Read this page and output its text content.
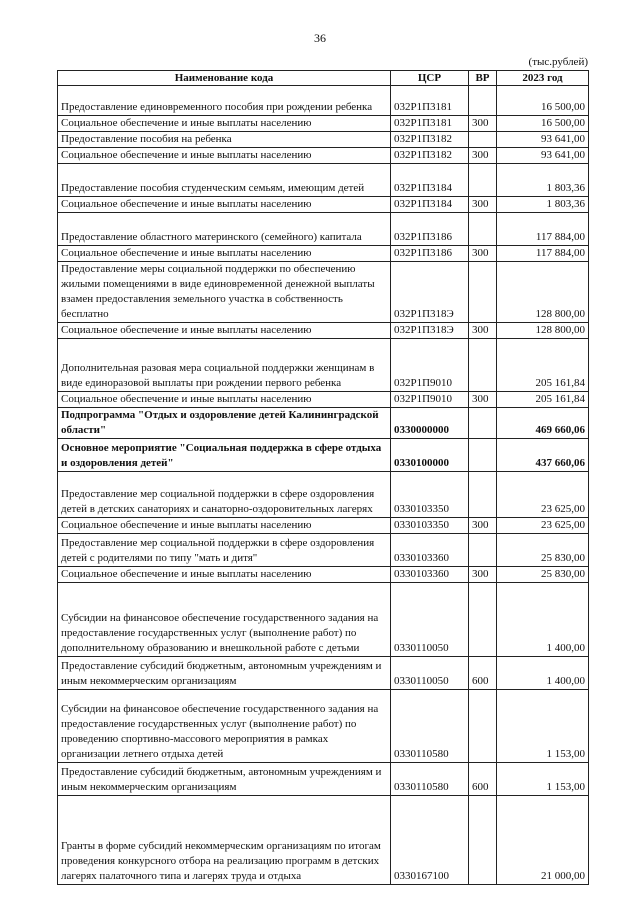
36
(тыс.рублей)
Наименование кода	ЦСР	ВР	2023 год
Предоставление единовременного пособия при рождении ребенка	032Р1П3181		16 500,00
Социальное обеспечение и иные выплаты населению	032Р1П3181	300	16 500,00
Предоставление пособия на ребенка	032Р1П3182		93 641,00
Социальное обеспечение и иные выплаты населению	032Р1П3182	300	93 641,00
Предоставление пособия студенческим семьям, имеющим детей	032Р1П3184		1 803,36
Социальное обеспечение и иные выплаты населению	032Р1П3184	300	1 803,36
Предоставление областного материнского (семейного) капитала	032Р1П3186		117 884,00
Социальное обеспечение и иные выплаты населению	032Р1П3186	300	117 884,00
Предоставление меры социальной поддержки по обеспечению жилыми помещениями в виде единовременной денежной выплаты взамен предоставления земельного участка в собственность бесплатно	032Р1П318Э		128 800,00
Социальное обеспечение и иные выплаты населению	032Р1П318Э	300	128 800,00
Дополнительная разовая мера социальной поддержки женщинам в виде единоразовой выплаты при рождении первого ребенка	032Р1П9010		205 161,84
Социальное обеспечение и иные выплаты населению	032Р1П9010	300	205 161,84
Подпрограмма "Отдых и оздоровление детей Калининградской области"	0330000000		469 660,06
Основное мероприятие "Социальная поддержка в сфере отдыха и оздоровления детей"	0330100000		437 660,06
Предоставление мер социальной поддержки в сфере оздоровления детей в детских санаториях и санаторно-оздоровительных лагерях	0330103350		23 625,00
Социальное обеспечение и иные выплаты населению	0330103350	300	23 625,00
Предоставление мер социальной поддержки в сфере оздоровления детей с родителями по типу "мать и дитя"	0330103360		25 830,00
Социальное обеспечение и иные выплаты населению	0330103360	300	25 830,00
Субсидии на финансовое обеспечение государственного задания на предоставление государственных услуг (выполнение работ) по дополнительному образованию и внешкольной работе с детьми	0330110050		1 400,00
Предоставление субсидий бюджетным, автономным учреждениям и иным некоммерческим организациям	0330110050	600	1 400,00
Субсидии на финансовое обеспечение государственного задания на предоставление государственных услуг (выполнение работ) по проведению спортивно-массового мероприятия в рамках организации летнего отдыха детей	0330110580		1 153,00
Предоставление субсидий бюджетным, автономным учреждениям и иным некоммерческим организациям	0330110580	600	1 153,00
Гранты в форме субсидий некоммерческим организациям по итогам проведения конкурсного отбора на реализацию программ в детских лагерях палаточного типа и лагерях труда и отдыха	0330167100		21 000,00
